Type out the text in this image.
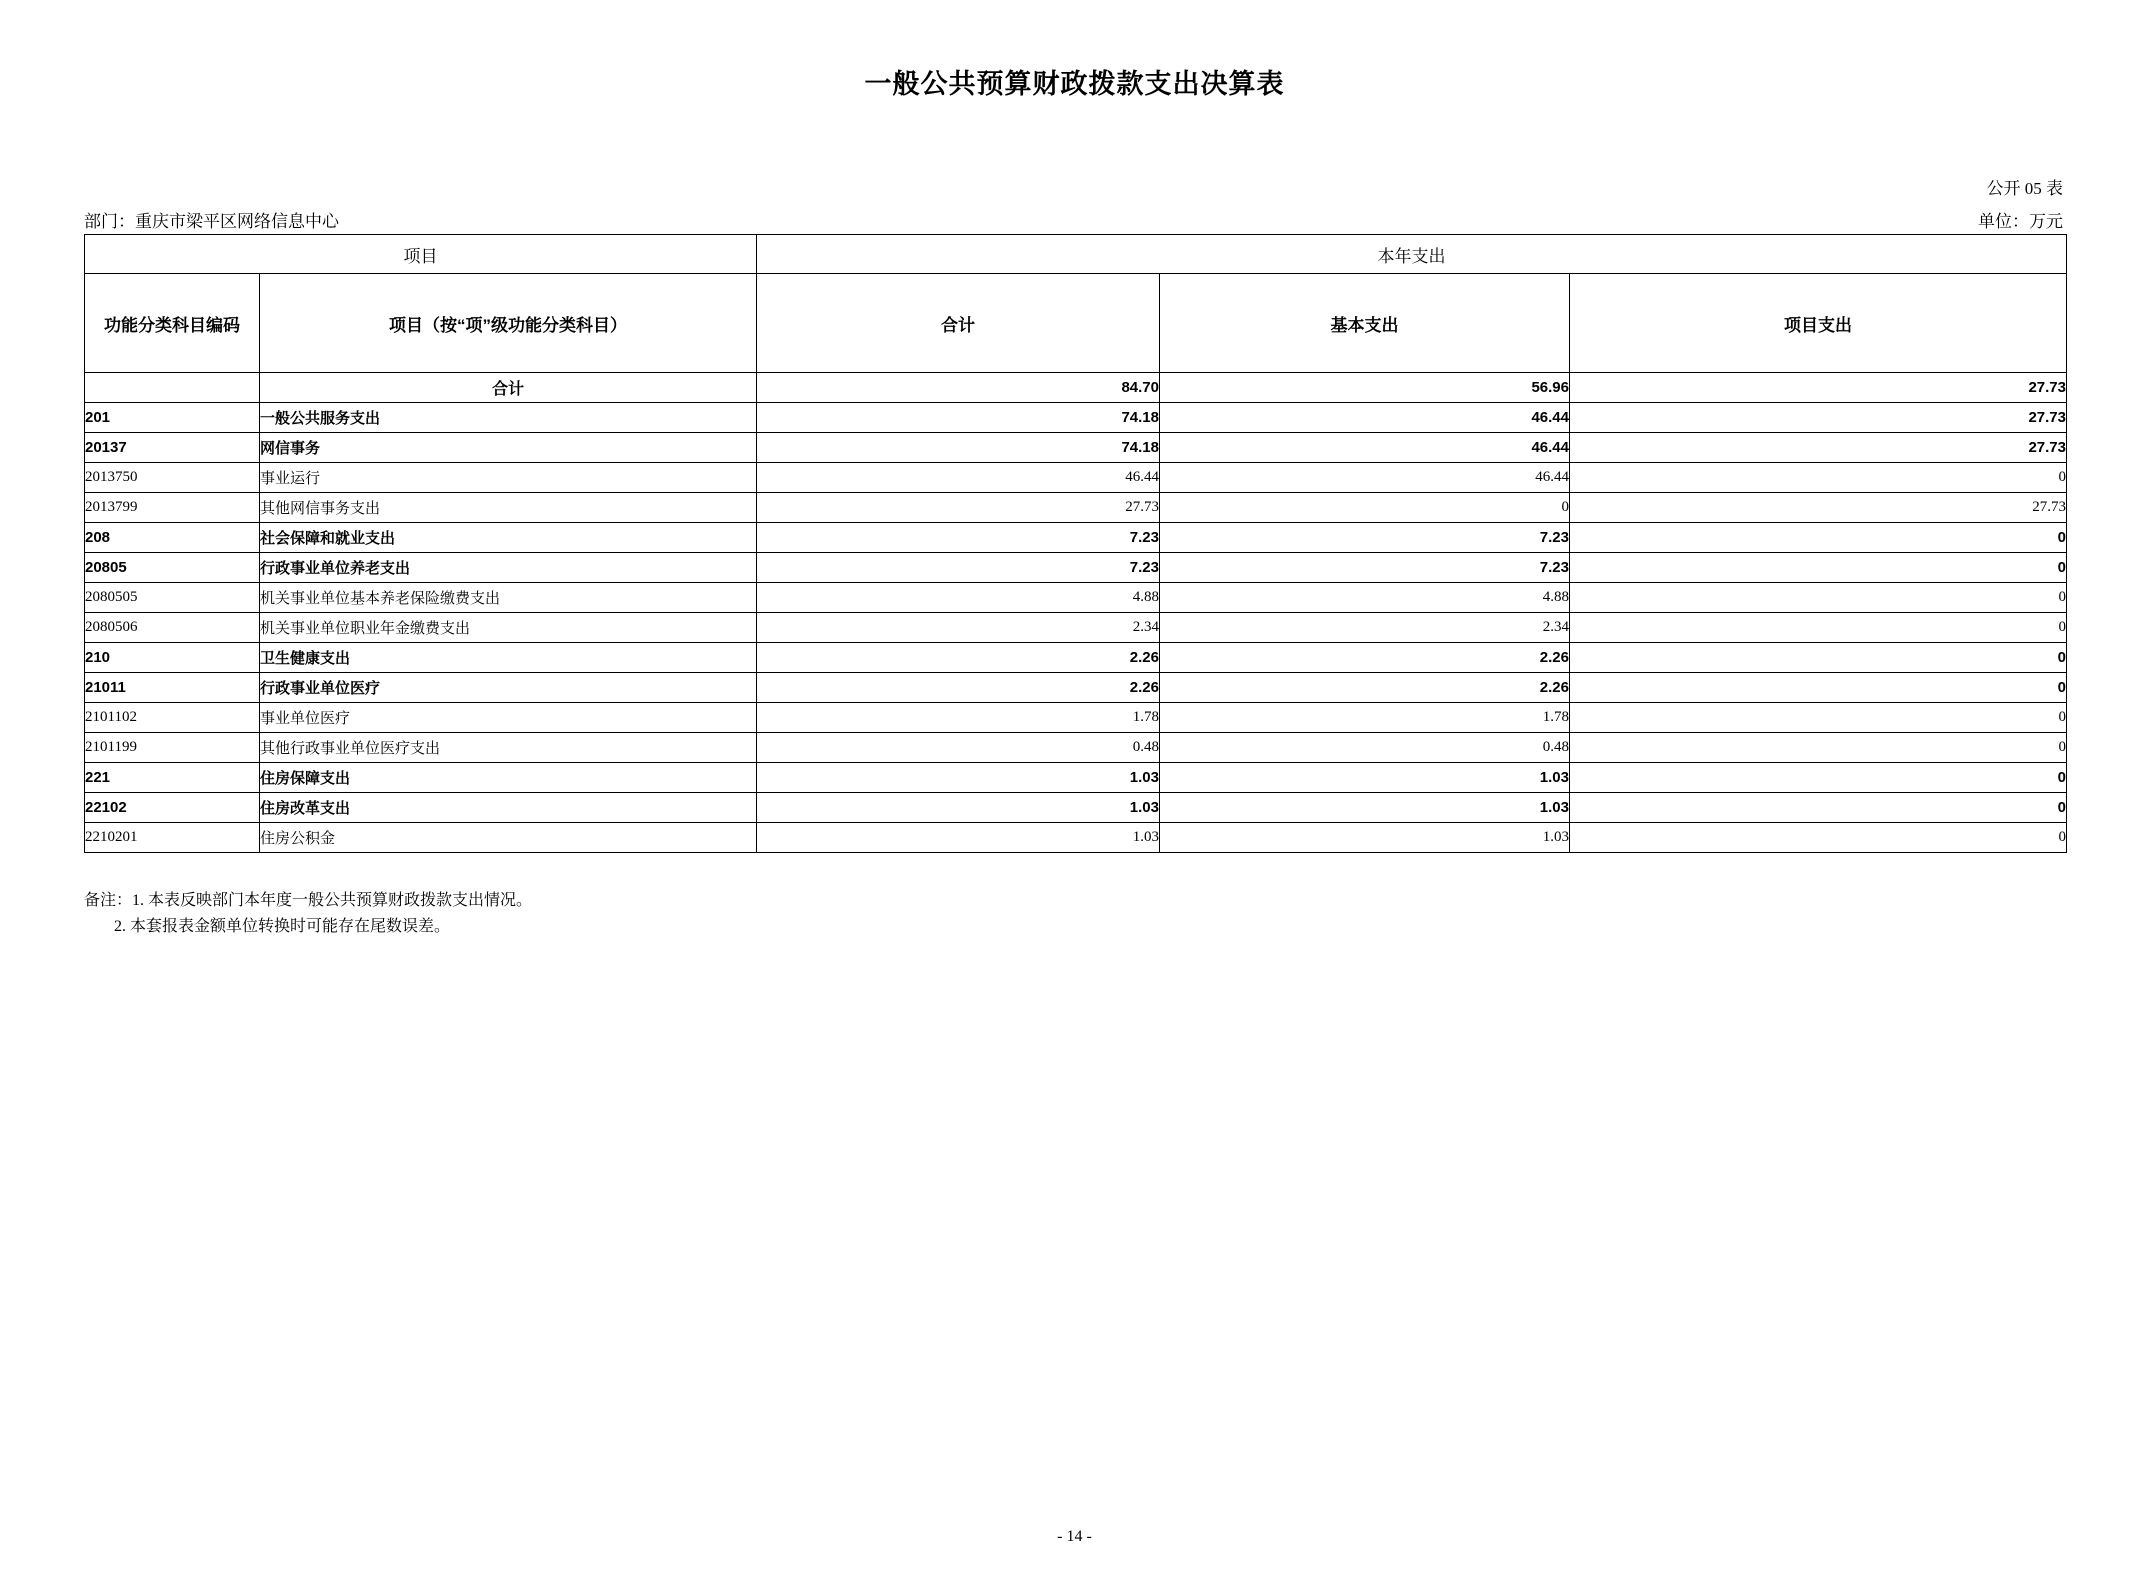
一般公共预算财政拨款支出决算表
公开 05 表
部门：重庆市梁平区网络信息中心	单位：万元
项目		本年支出		
功能分类科目编码	项目（按“项”级功能分类科目）	合计	基本支出	项目支出
	合计	84.70	56.96	27.73
201	一般公共服务支出	74.18	46.44	27.73
20137	网信事务	74.18	46.44	27.73
2013750	事业运行	46.44	46.44	0
2013799	其他网信事务支出	27.73	0	27.73
208	社会保障和就业支出	7.23	7.23	0
20805	行政事业单位养老支出	7.23	7.23	0
2080505	机关事业单位基本养老保险缴费支出	4.88	4.88	0
2080506	机关事业单位职业年金缴费支出	2.34	2.34	0
210	卫生健康支出	2.26	2.26	0
21011	行政事业单位医疗	2.26	2.26	0
2101102	事业单位医疗	1.78	1.78	0
2101199	其他行政事业单位医疗支出	0.48	0.48	0
221	住房保障支出	1.03	1.03	0
22102	住房改革支出	1.03	1.03	0
2210201	住房公积金	1.03	1.03	0
备注：1. 本表反映部门本年度一般公共预算财政拨款支出情况。
2. 本套报表金额单位转换时可能存在尾数误差。
- 14 -
